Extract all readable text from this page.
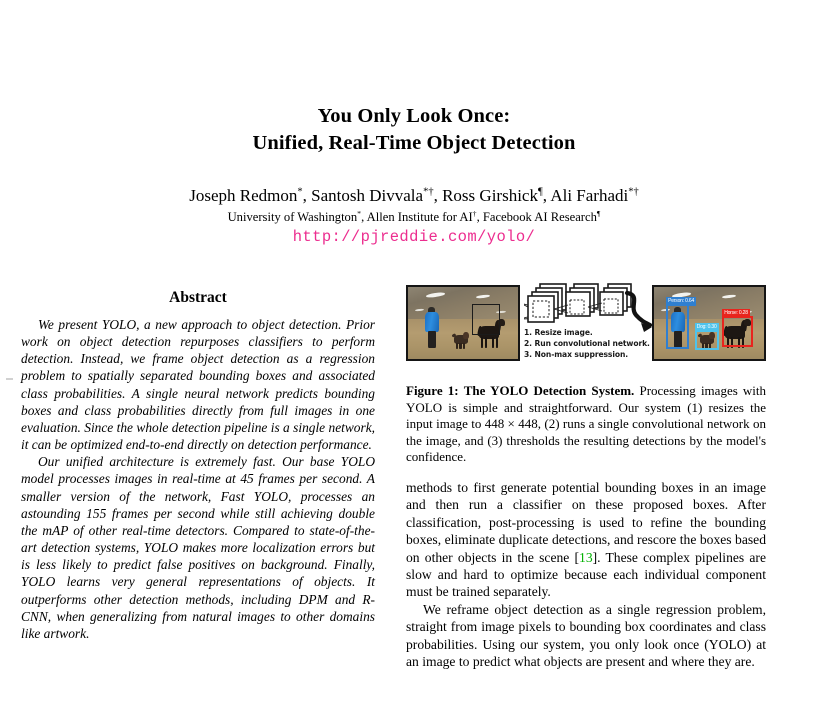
You Only Look Once:
Unified, Real-Time Object Detection
Joseph Redmon*, Santosh Divvala*†, Ross Girshick¶, Ali Farhadi*†
University of Washington*, Allen Institute for AI†, Facebook AI Research¶
http://pjreddie.com/yolo/
Abstract

We present YOLO, a new approach to object detection. Prior work on object detection repurposes classifiers to perform detection. Instead, we frame object detection as a regression problem to spatially separated bounding boxes and associated class probabilities. A single neural network predicts bounding boxes and class probabilities directly from full images in one evaluation. Since the whole detection pipeline is a single network, it can be optimized end-to-end directly on detection performance.

Our unified architecture is extremely fast. Our base YOLO model processes images in real-time at 45 frames per second. A smaller version of the network, Fast YOLO, processes an astounding 155 frames per second while still achieving double the mAP of other real-time detectors. Compared to state-of-the-art detection systems, YOLO makes more localization errors but is less likely to predict false positives on background. Finally, YOLO learns very general representations of objects. It outperforms other detection methods, including DPM and R-CNN, when generalizing from natural images to other domains like artwork.

1. Resize image.
2. Run convolutional network.
3. Non-max suppression.
Person: 0.64
Dog: 0.30
Horse: 0.28

Figure 1: The YOLO Detection System. Processing images with YOLO is simple and straightforward. Our system (1) resizes the input image to 448 × 448, (2) runs a single convolutional network on the image, and (3) thresholds the resulting detections by the model's confidence.

methods to first generate potential bounding boxes in an image and then run a classifier on these proposed boxes. After classification, post-processing is used to refine the bounding boxes, eliminate duplicate detections, and rescore the boxes based on other objects in the scene [13]. These complex pipelines are slow and hard to optimize because each individual component must be trained separately.

We reframe object detection as a single regression problem, straight from image pixels to bounding box coordinates and class probabilities. Using our system, you only look once (YOLO) at an image to predict what objects are present and where they are.
